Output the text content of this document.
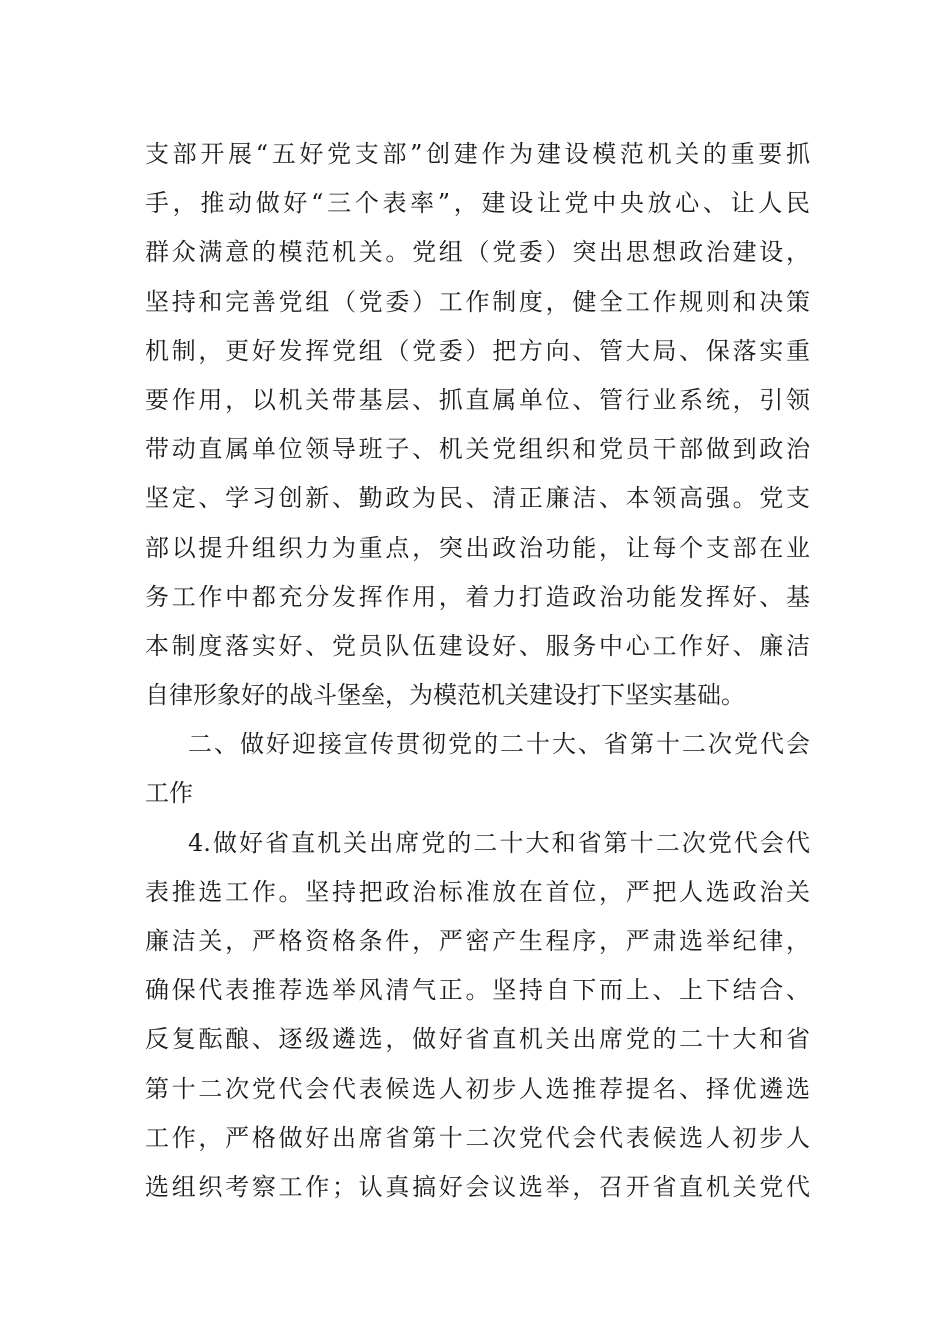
支部开展“五好党支部”创建作为建设模范机关的重要抓
手，推动做好“三个表率”，建设让党中央放心、让人民
群众满意的模范机关。党组（党委）突出思想政治建设，
坚持和完善党组（党委）工作制度，健全工作规则和决策
机制，更好发挥党组（党委）把方向、管大局、保落实重
要作用，以机关带基层、抓直属单位、管行业系统，引领
带动直属单位领导班子、机关党组织和党员干部做到政治
坚定、学习创新、勤政为民、清正廉洁、本领高强。党支
部以提升组织力为重点，突出政治功能，让每个支部在业
务工作中都充分发挥作用，着力打造政治功能发挥好、基
本制度落实好、党员队伍建设好、服务中心工作好、廉洁
自律形象好的战斗堡垒，为模范机关建设打下坚实基础。
二、做好迎接宣传贯彻党的二十大、省第十二次党代会
工作
4.做好省直机关出席党的二十大和省第十二次党代会代
表推选工作。坚持把政治标准放在首位，严把人选政治关
廉洁关，严格资格条件，严密产生程序，严肃选举纪律，
确保代表推荐选举风清气正。坚持自下而上、上下结合、
反复酝酿、逐级遴选，做好省直机关出席党的二十大和省
第十二次党代会代表候选人初步人选推荐提名、择优遴选
工作，严格做好出席省第十二次党代会代表候选人初步人
选组织考察工作；认真搞好会议选举，召开省直机关党代
